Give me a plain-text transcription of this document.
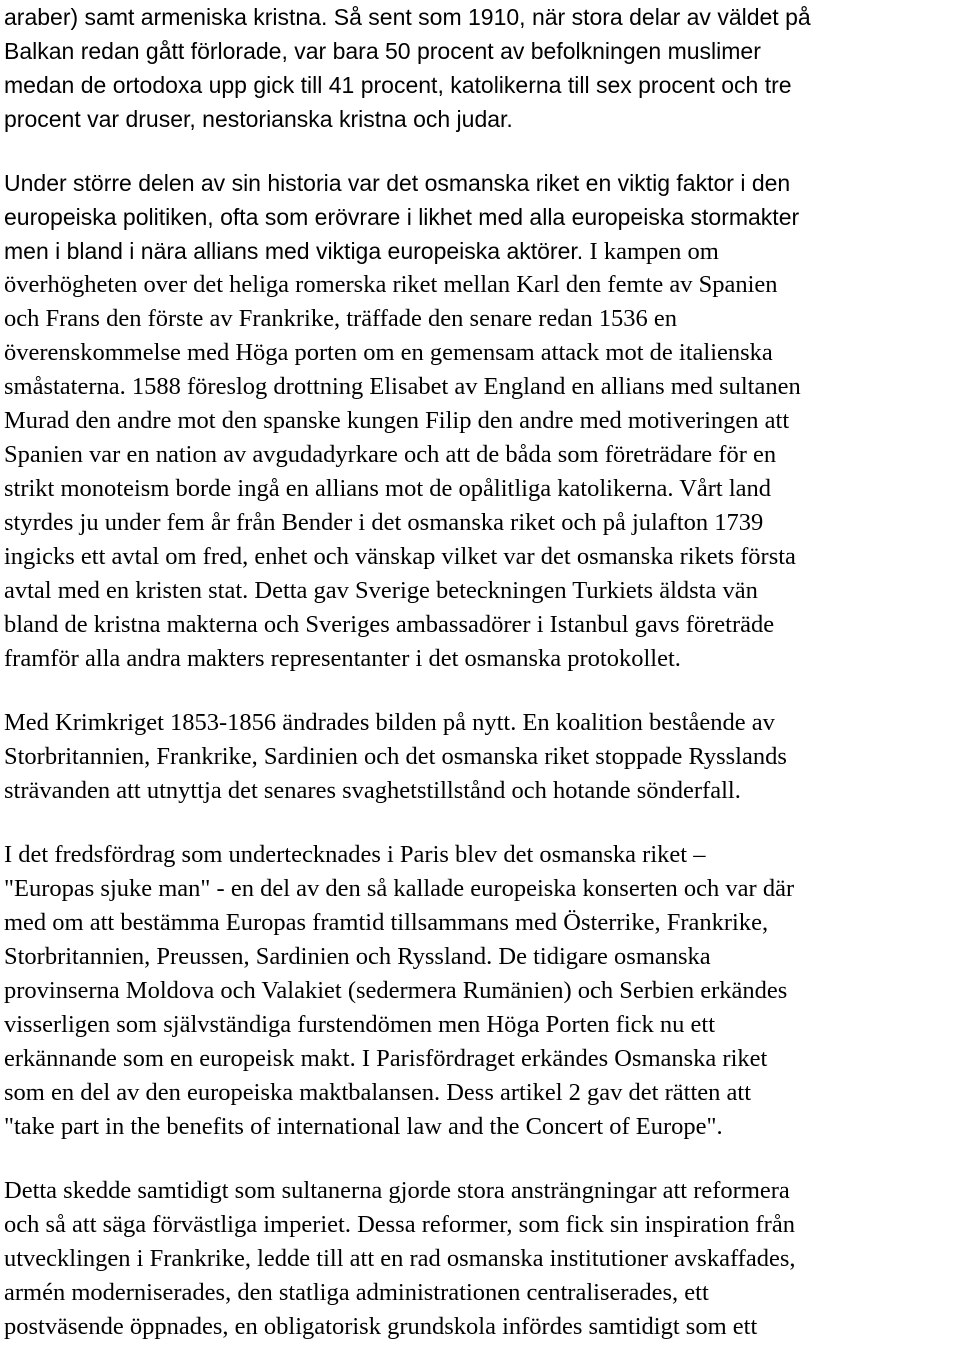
araber) samt armeniska kristna. Så sent som 1910, när stora delar av väldet på
Balkan redan gått förlorade, var bara 50 procent av befolkningen muslimer
medan de ortodoxa upp gick till 41 procent, katolikerna till sex procent och tre
procent var druser, nestorianska kristna och judar.
Under större delen av sin historia var det osmanska riket en viktig faktor i den
europeiska politiken, ofta som erövrare i likhet med alla europeiska stormakter
men i bland i nära allians med viktiga europeiska aktörer. I kampen om
överhögheten over det heliga romerska riket mellan Karl den femte av Spanien
och Frans den förste av Frankrike, träffade den senare redan 1536 en
överenskommelse med Höga porten om en gemensam attack mot de italienska
småstaterna. 1588 föreslog drottning Elisabet av England en allians med sultanen
Murad den andre mot den spanske kungen Filip den andre med motiveringen att
Spanien var en nation av avgudadyrkare och att de båda som företrädare för en
strikt monoteism borde ingå en allians mot de opålitliga katolikerna. Vårt land
styrdes ju under fem år från Bender i det osmanska riket och på julafton 1739
ingicks ett avtal om fred, enhet och vänskap vilket var det osmanska rikets första
avtal med en kristen stat. Detta gav Sverige beteckningen Turkiets äldsta vän
bland de kristna makterna och Sveriges ambassadörer i Istanbul gavs företräde
framför alla andra makters representanter i det osmanska protokollet.
Med Krimkriget 1853-1856 ändrades bilden på nytt. En koalition bestående av
Storbritannien, Frankrike, Sardinien och det osmanska riket stoppade Rysslands
strävanden att utnyttja det senares svaghetstillstånd och hotande sönderfall.
I det fredsfördrag som undertecknades i Paris blev det osmanska riket –
"Europas sjuke man" - en del av den så kallade europeiska konserten och var där
med om att bestämma Europas framtid tillsammans med Österrike, Frankrike,
Storbritannien, Preussen, Sardinien och Ryssland. De tidigare osmanska
provinserna Moldova och Valakiet (sedermera Rumänien) och Serbien erkändes
visserligen som självständiga furstendömen men Höga Porten fick nu ett
erkännande som en europeisk makt. I Parisfördraget erkändes Osmanska riket
som en del av den europeiska maktbalansen. Dess artikel 2 gav det rätten att
"take part in the benefits of international law and the Concert of Europe".
Detta skedde samtidigt som sultanerna gjorde stora ansträngningar att reformera
och så att säga förvästliga imperiet. Dessa reformer, som fick sin inspiration från
utvecklingen i Frankrike, ledde till att en rad osmanska institutioner avskaffades,
armén moderniserades, den statliga administrationen centraliserades, ett
postväsende öppnades, en obligatorisk grundskola infördes samtidigt som ett
